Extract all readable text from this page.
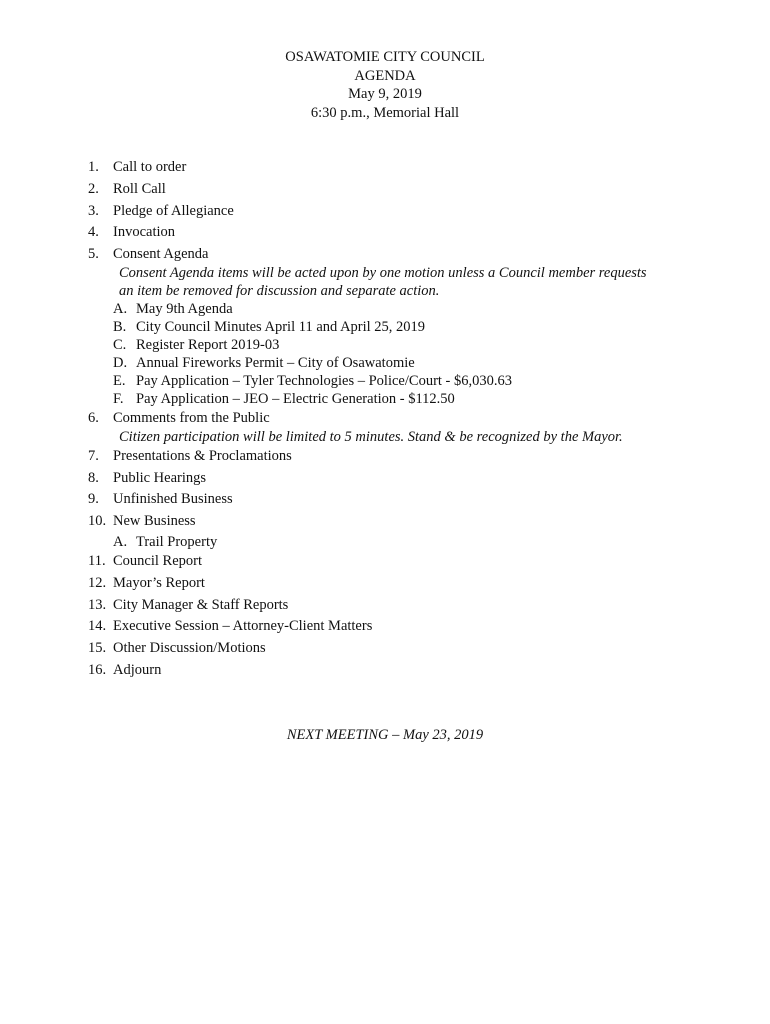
OSAWATOMIE CITY COUNCIL
AGENDA
May 9, 2019
6:30 p.m., Memorial Hall
1. Call to order
2. Roll Call
3. Pledge of Allegiance
4. Invocation
5. Consent Agenda
Consent Agenda items will be acted upon by one motion unless a Council member requests
an item be removed for discussion and separate action.
A. May 9th Agenda
B. City Council Minutes April 11 and April 25, 2019
C. Register Report 2019-03
D. Annual Fireworks Permit – City of Osawatomie
E. Pay Application – Tyler Technologies – Police/Court - $6,030.63
F. Pay Application – JEO – Electric Generation - $112.50
6. Comments from the Public
Citizen participation will be limited to 5 minutes. Stand & be recognized by the Mayor.
7. Presentations & Proclamations
8. Public Hearings
9. Unfinished Business
10. New Business
A. Trail Property
11. Council Report
12. Mayor’s Report
13. City Manager & Staff Reports
14. Executive Session – Attorney-Client Matters
15. Other Discussion/Motions
16. Adjourn
NEXT MEETING – May 23, 2019
